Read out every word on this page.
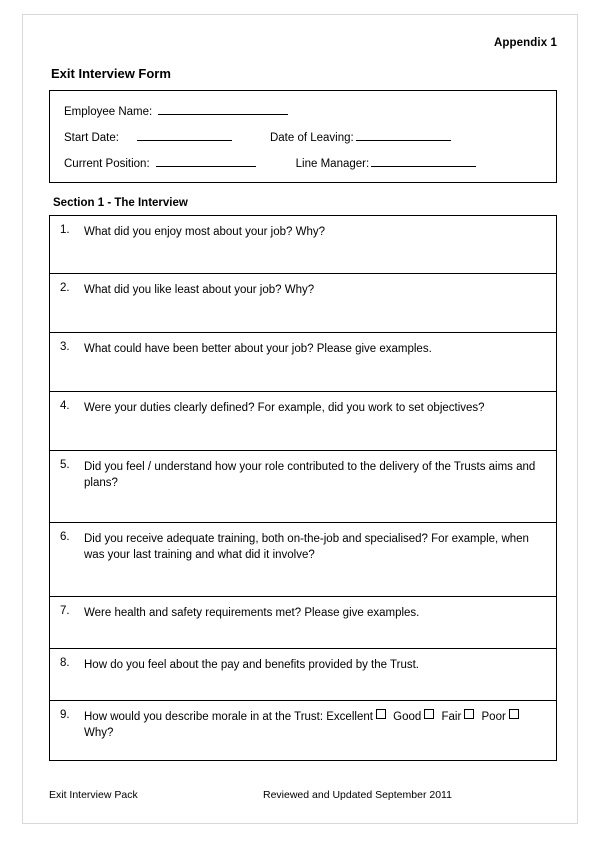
Appendix 1
Exit Interview Form
Employee Name:
Start Date:	Date of Leaving:
Current Position:	Line Manager:
Section 1 - The Interview
1.	What did you enjoy most about your job? Why?
2.	What did you like least about your job? Why?
3.	What could have been better about your job? Please give examples.
4.	Were your duties clearly defined? For example, did you work to set objectives?
5.	Did you feel / understand how your role contributed to the delivery of the Trusts aims and plans?
6.	Did you receive adequate training, both on-the-job and specialised? For example, when was your last training and what did it involve?
7.	Were health and safety requirements met? Please give examples.
8.	How do you feel about the pay and benefits provided by the Trust.
9.	How would you describe morale in at the Trust: Excellent Good Fair Poor
Why?
Exit Interview Pack	Reviewed and Updated September 2011
